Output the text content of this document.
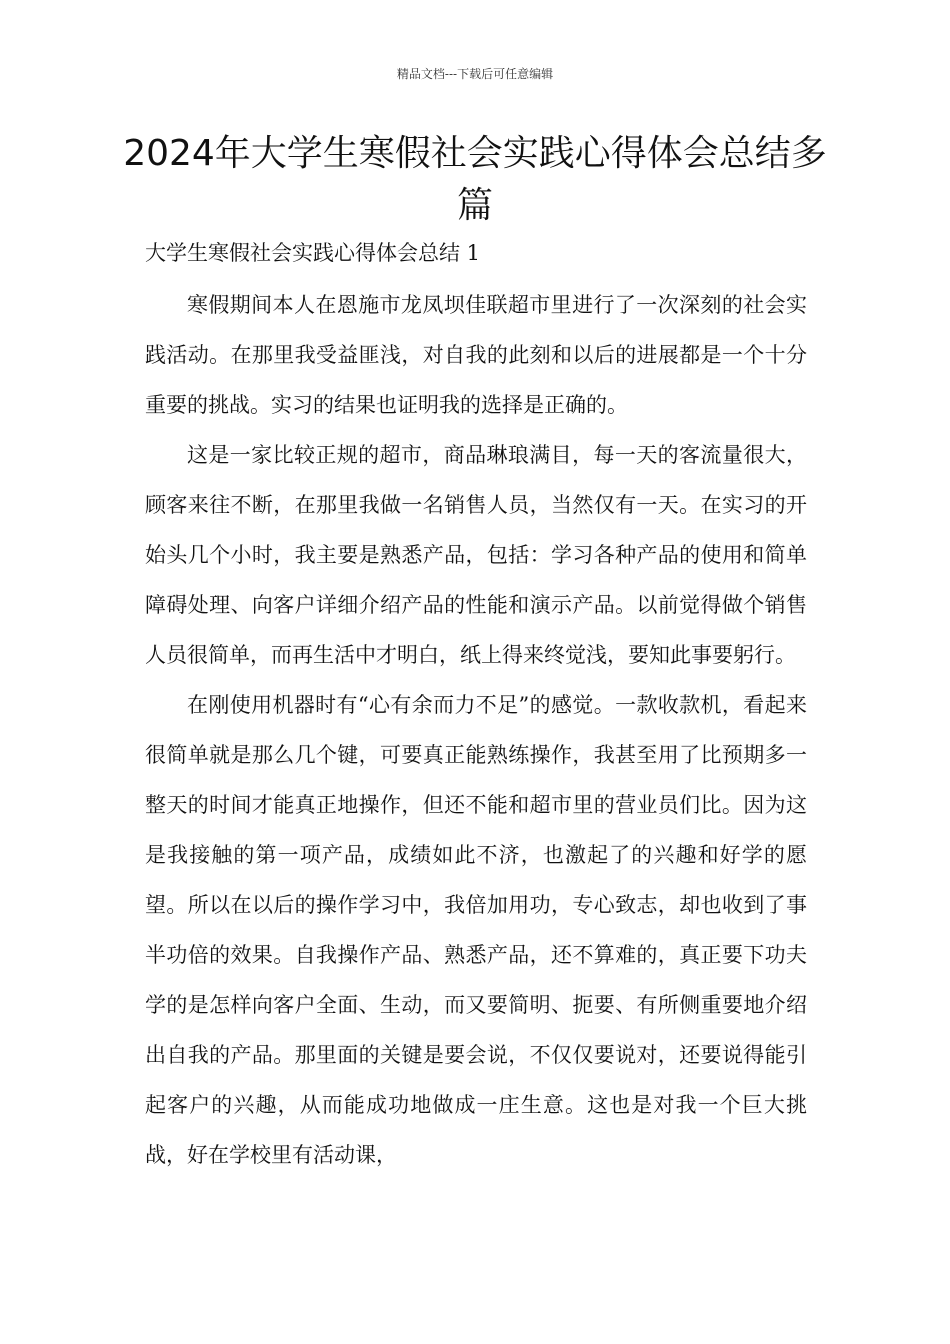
精品文档---下载后可任意编辑
2024年大学生寒假社会实践心得体会总结多篇
大学生寒假社会实践心得体会总结 1

寒假期间本人在恩施市龙凤坝佳联超市里进行了一次深刻的社会实践活动。在那里我受益匪浅，对自我的此刻和以后的进展都是一个十分重要的挑战。实习的结果也证明我的选择是正确的。

这是一家比较正规的超市，商品琳琅满目，每一天的客流量很大，顾客来往不断，在那里我做一名销售人员，当然仅有一天。在实习的开始头几个小时，我主要是熟悉产品，包括：学习各种产品的使用和简单障碍处理、向客户详细介绍产品的性能和演示产品。以前觉得做个销售人员很简单，而再生活中才明白，纸上得来终觉浅，要知此事要躬行。

在刚使用机器时有“心有余而力不足”的感觉。一款收款机，看起来很简单就是那么几个键，可要真正能熟练操作，我甚至用了比预期多一整天的时间才能真正地操作，但还不能和超市里的营业员们比。因为这是我接触的第一项产品，成绩如此不济，也激起了的兴趣和好学的愿望。所以在以后的操作学习中，我倍加用功，专心致志，却也收到了事半功倍的效果。自我操作产品、熟悉产品，还不算难的，真正要下功夫学的是怎样向客户全面、生动，而又要简明、扼要、有所侧重要地介绍出自我的产品。那里面的关键是要会说，不仅仅要说对，还要说得能引起客户的兴趣，从而能成功地做成一庄生意。这也是对我一个巨大挑战，好在学校里有活动课，
